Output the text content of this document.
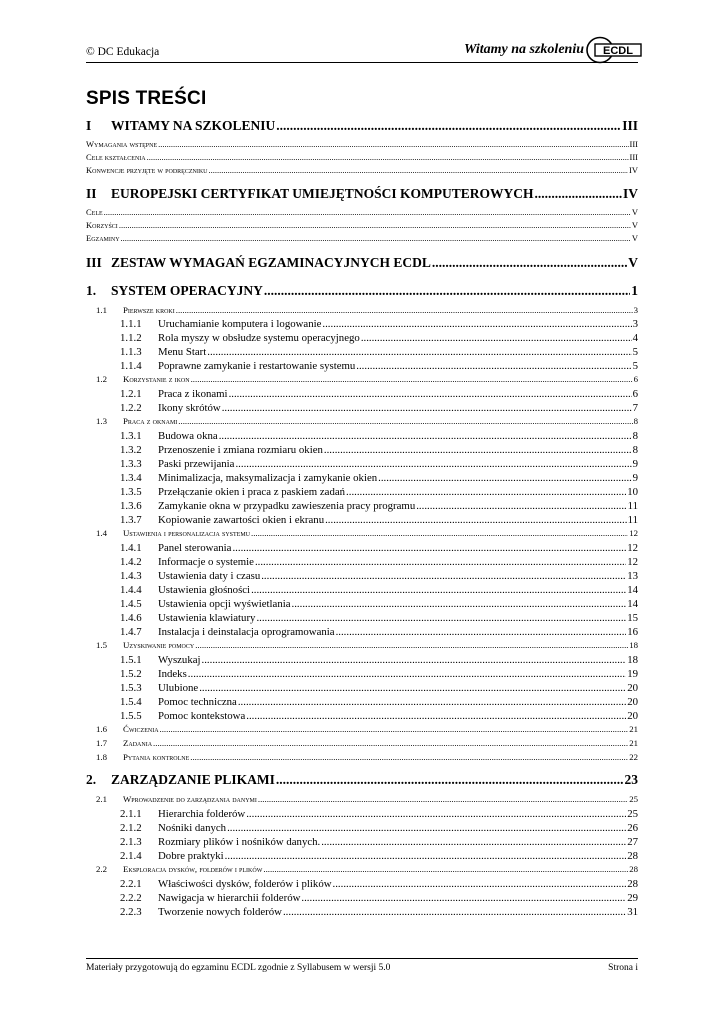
© DC Edukacja	Witamy na szkoleniu ECDL
SPIS TREŚCI
I	WITAMY NA SZKOLENIU .....	III
Wymagania wstępne .....	III
Cele kształcenia .....	III
Konwencje przyjęte w podręczniku .....	IV
II	EUROPEJSKI CERTYFIKAT UMIEJĘTNOŚCI KOMPUTEROWYCH .....	IV
Cele .....	V
Korzyści .....	V
Egzaminy .....	V
III ZESTAW WYMAGAŃ EGZAMINACYJNYCH ECDL .....	V
1.	SYSTEM OPERACYJNY .....	1
1.1	Pierwsze kroki .....	3
1.1.1	Uruchamianie komputera i logowanie .....	3
1.1.2	Rola myszy w obsłudze systemu operacyjnego .....	4
1.1.3	Menu Start .....	5
1.1.4	Poprawne zamykanie i restartowanie systemu .....	5
1.2	Korzystanie z ikon .....	6
1.2.1	Praca z ikonami .....	6
1.2.2	Ikony skrótów .....	7
1.3	Praca z oknami .....	8
1.3.1	Budowa okna .....	8
1.3.2	Przenoszenie i zmiana rozmiaru okien .....	8
1.3.3	Paski przewijania .....	9
1.3.4	Minimalizacja, maksymalizacja i zamykanie okien .....	9
1.3.5	Przełączanie okien i praca z paskiem zadań .....	10
1.3.6	Zamykanie okna w przypadku zawieszenia pracy programu .....	11
1.3.7	Kopiowanie zawartości okien i ekranu .....	11
1.4	Ustawienia i personalizacja systemu .....	12
1.4.1	Panel sterowania .....	12
1.4.2	Informacje o systemie .....	12
1.4.3	Ustawienia daty i czasu .....	13
1.4.4	Ustawienia głośności .....	14
1.4.5	Ustawienia opcji wyświetlania .....	14
1.4.6	Ustawienia klawiatury .....	15
1.4.7	Instalacja i deinstalacja oprogramowania .....	16
1.5	Uzyskiwanie pomocy .....	18
1.5.1	Wyszukaj .....	18
1.5.2	Indeks .....	19
1.5.3	Ulubione .....	20
1.5.4	Pomoc techniczna .....	20
1.5.5	Pomoc kontekstowa .....	20
1.6	Ćwiczenia .....	21
1.7	Zadania .....	21
1.8	Pytania kontrolne .....	22
2.	ZARZĄDZANIE PLIKAMI .....	23
2.1	Wprowadzenie do zarządzania danymi .....	25
2.1.1	Hierarchia folderów .....	25
2.1.2	Nośniki danych .....	26
2.1.3	Rozmiary plików i nośników danych. .....	27
2.1.4	Dobre praktyki .....	28
2.2	Eksploracja dysków, folderów i plików .....	28
2.2.1	Właściwości dysków, folderów i plików .....	28
2.2.2	Nawigacja w hierarchii folderów .....	29
2.2.3	Tworzenie nowych folderów .....	31
Materiały przygotowują do egzaminu ECDL zgodnie z Syllabusem w wersji 5.0	Strona i
